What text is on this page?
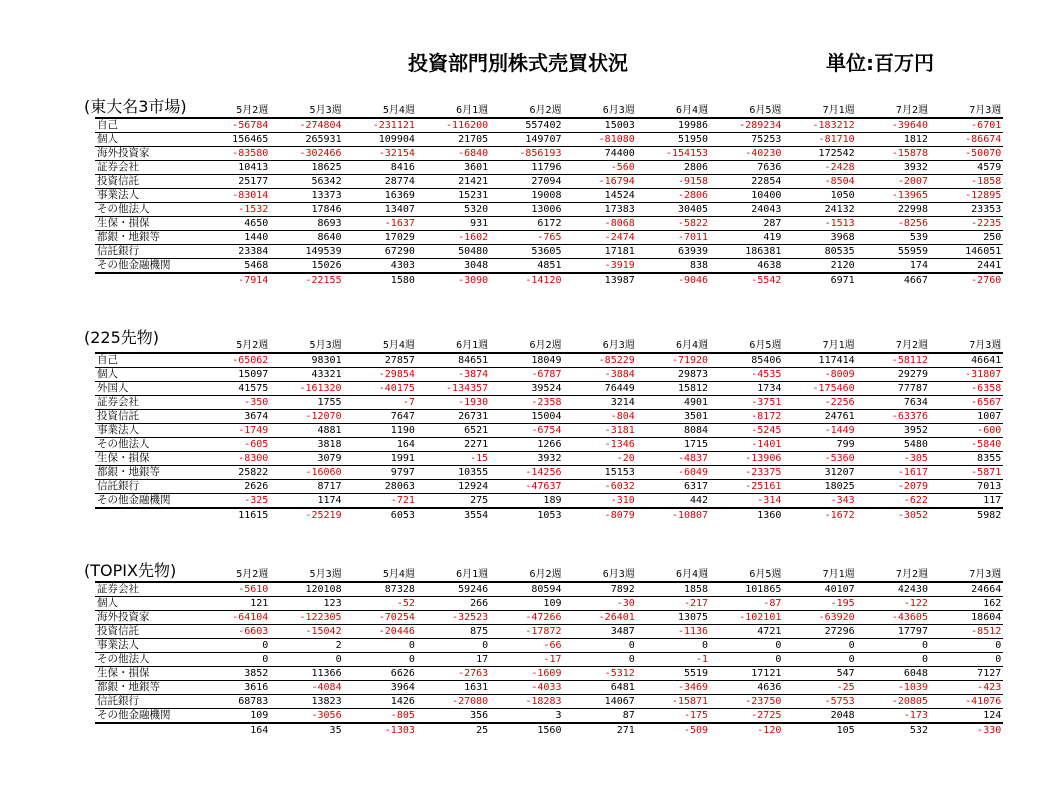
投資部門別株式売買状況	単位:百万円
(東大名3市場)
		5月2週	5月3週	5月4週	6月1週	6月2週	6月3週	6月4週	6月5週	7月1週	7月2週	7月3週
自己	-56784	-274804	-231121	-116200	557402	15003	19986	-289234	-183212	-39640	-6701
個人	156465	265931	109904	21705	149707	-81080	51950	75253	-81710	1812	-86674
海外投資家	-83580	-302466	-32154	-6840	-856193	74400	-154153	-40230	172542	-15878	-50070
証券会社	10413	18625	8416	3601	11796	-560	2806	7636	-2428	3932	4579
投資信託	25177	56342	28774	21421	27094	-16794	-9158	22854	-8504	-2007	-1858
事業法人	-83014	13373	16369	15231	19008	14524	-2806	10400	1050	-13965	-12895
その他法人	-1532	17846	13407	5320	13006	17383	30405	24043	24132	22998	23353
生保・損保	4650	8693	-1637	931	6172	-8068	-5822	287	-1513	-8256	-2235
都銀・地銀等	1440	8640	17029	-1602	-765	-2474	-7011	419	3968	539	250
信託銀行	23384	149539	67290	50480	53605	17181	63939	186381	80535	55959	146051
その他金融機関	5468	15026	4303	3048	4851	-3919	838	4638	2120	174	2441
	-7914	-22155	1580	-3090	-14120	13987	-9046	-5542	6971	4667	-2760
(225先物)
		5月2週	5月3週	5月4週	6月1週	6月2週	6月3週	6月4週	6月5週	7月1週	7月2週	7月3週
自己	-65062	98301	27857	84651	18049	-85229	-71920	85406	117414	-58112	46641
個人	15097	43321	-29854	-3874	-6787	-3884	29873	-4535	-8009	29279	-31807
外国人	41575	-161320	-40175	-134357	39524	76449	15812	1734	-175460	77787	-6358
証券会社	-350	1755	-7	-1930	-2358	3214	4901	-3751	-2256	7634	-6567
投資信託	3674	-12070	7647	26731	15004	-804	3501	-8172	24761	-63376	1007
事業法人	-1749	4881	1190	6521	-6754	-3181	8084	-5245	-1449	3952	-600
その他法人	-605	3818	164	2271	1266	-1346	1715	-1401	799	5480	-5840
生保・損保	-8300	3079	1991	-15	3932	-20	-4837	-13906	-5360	-305	8355
都銀・地銀等	25822	-16060	9797	10355	-14256	15153	-6049	-23375	31207	-1617	-5871
信託銀行	2626	8717	28063	12924	-47637	-6032	6317	-25161	18025	-2079	7013
その他金融機関	-325	1174	-721	275	189	-310	442	-314	-343	-622	117
	11615	-25219	6053	3554	1053	-8079	-10807	1360	-1672	-3052	5982
(TOPIX先物)
		5月2週	5月3週	5月4週	6月1週	6月2週	6月3週	6月4週	6月5週	7月1週	7月2週	7月3週
証券会社	-5610	120108	87328	59246	80594	7892	1858	101865	40107	42430	24664
個人	121	123	-52	266	109	-30	-217	-87	-195	-122	162
海外投資家	-64104	-122305	-70254	-32523	-47266	-26401	13075	-102101	-63920	-43605	18604
投資信託	-6603	-15042	-20446	875	-17872	3487	-1136	4721	27296	17797	-8512
事業法人	0	2	0	0	-66	0	0	0	0	0	0
その他法人	0	0	0	17	-17	0	-1	0	0	0	0
生保・損保	3852	11366	6626	-2763	-1609	-5312	5519	17121	547	6048	7127
都銀・地銀等	3616	-4084	3964	1631	-4033	6481	-3469	4636	-25	-1039	-423
信託銀行	68783	13823	1426	-27080	-18283	14067	-15871	-23750	-5753	-20805	-41076
その他金融機関	109	-3056	-805	356	3	87	-175	-2725	2048	-173	124
	164	35	-1303	25	1560	271	-509	-120	105	532	-330
